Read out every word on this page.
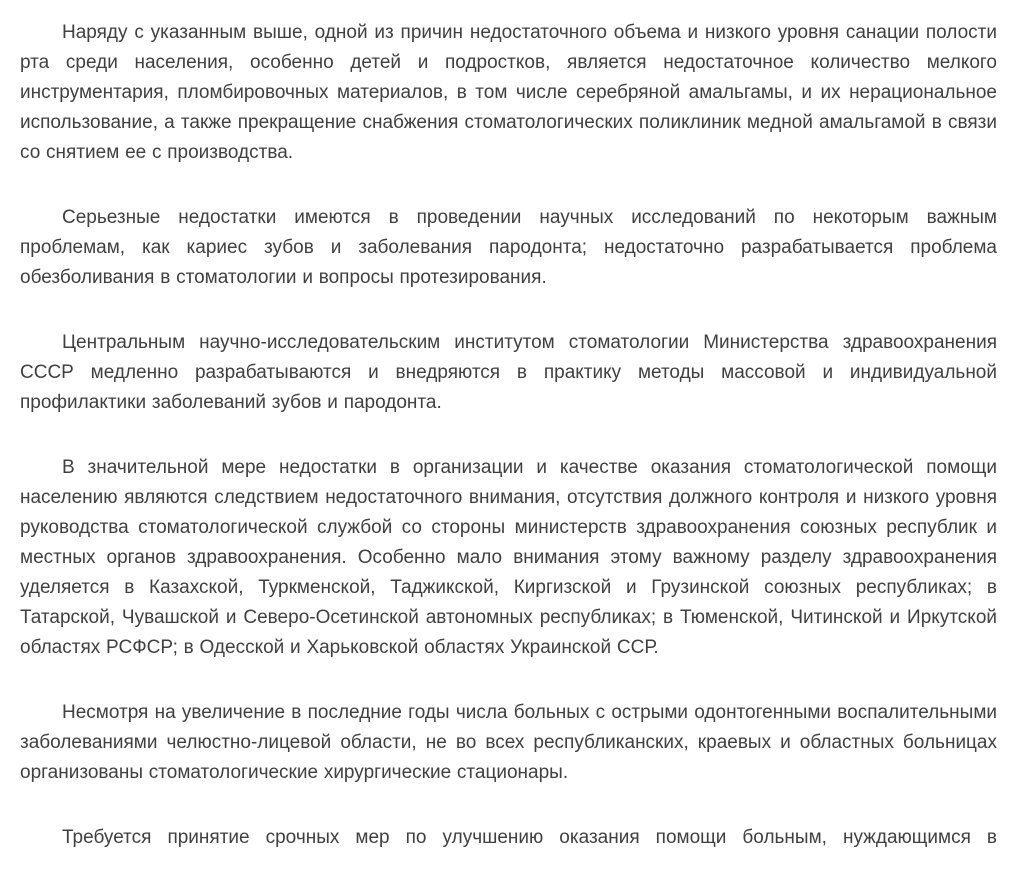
Наряду с указанным выше, одной из причин недостаточного объема и низкого уровня санации полости рта среди населения, особенно детей и подростков, является недостаточное количество мелкого инструментария, пломбировочных материалов, в том числе серебряной амальгамы, и их нерациональное использование, а также прекращение снабжения стоматологических поликлиник медной амальгамой в связи со снятием ее с производства.

Серьезные недостатки имеются в проведении научных исследований по некоторым важным проблемам, как кариес зубов и заболевания пародонта; недостаточно разрабатывается проблема обезболивания в стоматологии и вопросы протезирования.

Центральным научно-исследовательским институтом стоматологии Министерства здравоохранения СССР медленно разрабатываются и внедряются в практику методы массовой и индивидуальной профилактики заболеваний зубов и пародонта.

В значительной мере недостатки в организации и качестве оказания стоматологической помощи населению являются следствием недостаточного внимания, отсутствия должного контроля и низкого уровня руководства стоматологической службой со стороны министерств здравоохранения союзных республик и местных органов здравоохранения. Особенно мало внимания этому важному разделу здравоохранения уделяется в Казахской, Туркменской, Таджикской, Киргизской и Грузинской союзных республиках; в Татарской, Чувашской и Северо-Осетинской автономных республиках; в Тюменской, Читинской и Иркутской областях РСФСР; в Одесской и Харьковской областях Украинской ССР.

Несмотря на увеличение в последние годы числа больных с острыми одонтогенными воспалительными заболеваниями челюстно-лицевой области, не во всех республиканских, краевых и областных больницах организованы стоматологические хирургические стационары.

Требуется принятие срочных мер по улучшению оказания помощи больным, нуждающимся в
